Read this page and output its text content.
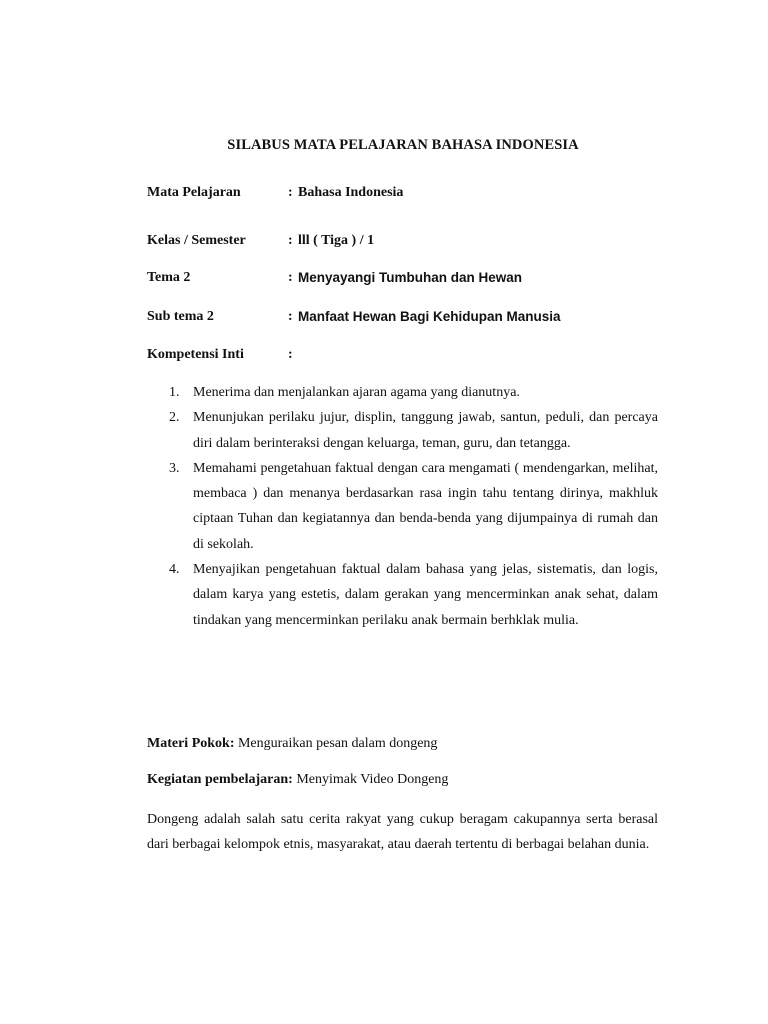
SILABUS MATA PELAJARAN BAHASA INDONESIA
Mata Pelajaran	: Bahasa Indonesia
Kelas / Semester	: lll ( Tiga ) / 1
Tema 2	: Menyayangi Tumbuhan dan Hewan
Sub tema 2	: Manfaat Hewan Bagi Kehidupan Manusia
Kompetensi Inti	:
1. Menerima dan menjalankan ajaran agama yang dianutnya.
2. Menunjukan perilaku jujur, displin, tanggung jawab, santun, peduli, dan percaya diri dalam berinteraksi dengan keluarga, teman, guru, dan tetangga.
3. Memahami pengetahuan faktual dengan cara mengamati ( mendengarkan, melihat, membaca ) dan menanya berdasarkan rasa ingin tahu tentang dirinya, makhluk ciptaan Tuhan dan kegiatannya dan benda-benda yang dijumpainya di rumah dan di sekolah.
4. Menyajikan pengetahuan faktual dalam bahasa yang jelas, sistematis, dan logis, dalam karya yang estetis, dalam gerakan yang mencerminkan anak sehat, dalam tindakan yang mencerminkan perilaku anak bermain berhklak mulia.
Materi Pokok: Menguraikan pesan dalam dongeng
Kegiatan pembelajaran: Menyimak Video Dongeng
Dongeng adalah salah satu cerita rakyat yang cukup beragam cakupannya serta berasal dari berbagai kelompok etnis, masyarakat, atau daerah tertentu di berbagai belahan dunia.
